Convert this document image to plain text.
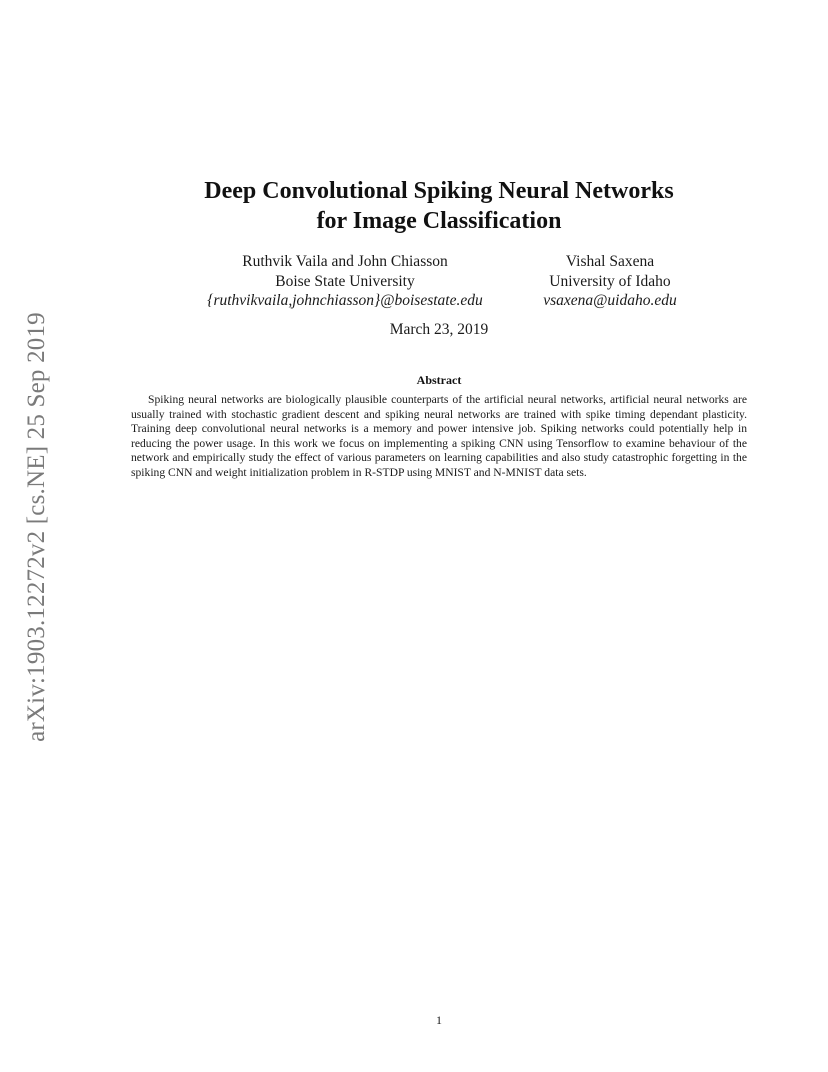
arXiv:1903.12272v2 [cs.NE] 25 Sep 2019
Deep Convolutional Spiking Neural Networks
for Image Classification
Ruthvik Vaila and John Chiasson
Boise State University
{ruthvikvaila,johnchiasson}@boisestate.edu
Vishal Saxena
University of Idaho
vsaxena@uidaho.edu
March 23, 2019
Abstract
Spiking neural networks are biologically plausible counterparts of the artificial neural networks, artificial neural networks are usually trained with stochastic gradient descent and spiking neural networks are trained with spike timing dependant plasticity. Training deep convolutional neural networks is a memory and power intensive job. Spiking networks could potentially help in reducing the power usage. In this work we focus on implementing a spiking CNN using Tensorflow to examine behaviour of the network and empirically study the effect of various parameters on learning capabilities and also study catastrophic forgetting in the spiking CNN and weight initialization problem in R-STDP using MNIST and N-MNIST data sets.
1
